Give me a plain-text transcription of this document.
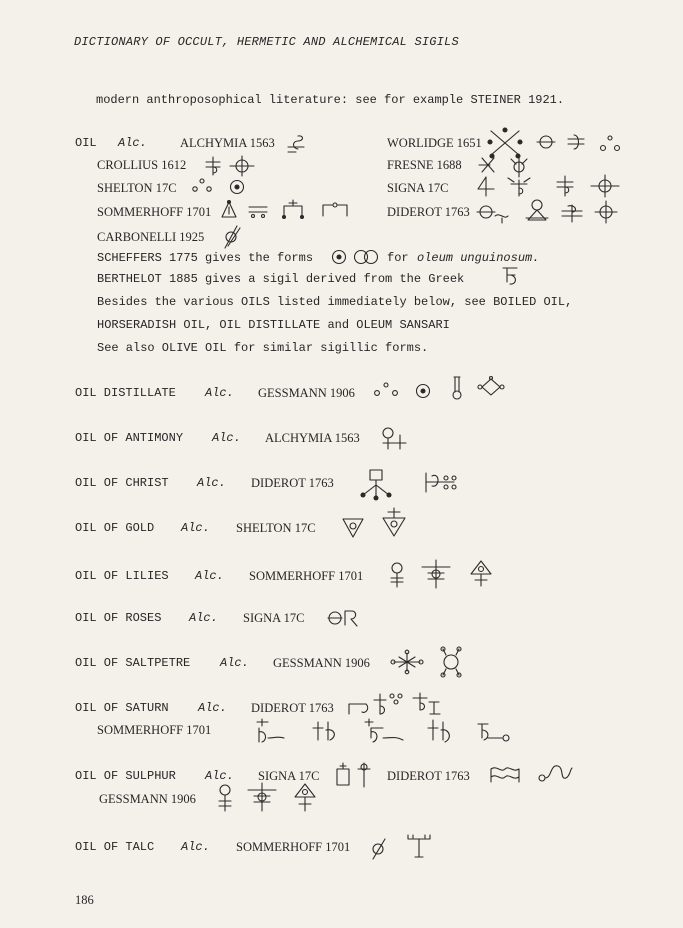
DICTIONARY OF OCCULT, HERMETIC AND ALCHEMICAL SIGILS
modern anthroposophical literature: see for example STEINER 1921.
OIL Alc.	ALCHYMIA 1563	WORLIDGE 1651
CROLLIUS 1612	FRESNE 1688
SHELTON 17C	SIGNA 17C
SOMMERHOFF 1701	DIDEROT 1763
CARBONELLI 1925
SCHEFFERS 1775 gives the forms	for oleum unguinosum.
BERTHELOT 1885 gives a sigil derived from the Greek
Besides the various OILS listed immediately below, see BOILED OIL,
HORSERADISH OIL, OIL DISTILLATE and OLEUM SANSARI
See also OLIVE OIL for similar sigillic forms.
OIL DISTILLATE Alc. GESSMANN 1906
OIL OF ANTIMONY Alc. ALCHYMIA 1563
OIL OF CHRIST Alc. DIDEROT 1763
OIL OF GOLD Alc. SHELTON 17C
OIL OF LILIES Alc. SOMMERHOFF 1701
OIL OF ROSES Alc. SIGNA 17C
OIL OF SALTPETRE Alc. GESSMANN 1906
OIL OF SATURN Alc. DIDEROT 1763
SOMMERHOFF 1701
OIL OF SULPHUR Alc. SIGNA 17C	DIDEROT 1763
GESSMANN 1906
OIL OF TALC Alc. SOMMERHOFF 1701
186
